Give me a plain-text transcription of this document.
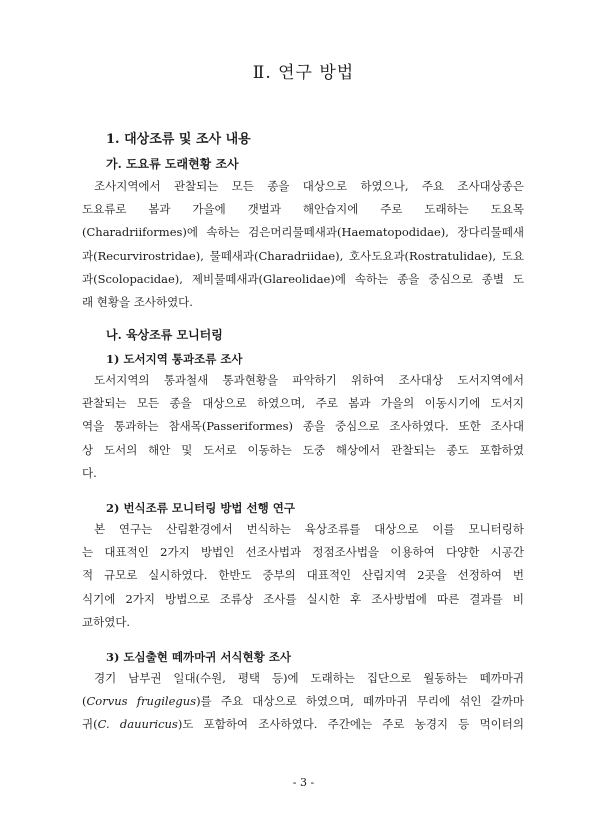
Ⅱ. 연구 방법
1. 대상조류 및 조사 내용
가. 도요류 도래현황 조사
조사지역에서 관찰되는 모든 종을 대상으로 하였으나, 주요 조사대상종은
도요류로 봄과 가을에 갯벌과 해안습지에 주로 도래하는 도요목
(Charadriiformes)에 속하는 검은머리물떼새과(Haematopodidae), 장다리물떼새
과(Recurvirostridae), 물떼새과(Charadriidae), 호사도요과(Rostratulidae), 도요
과(Scolopacidae), 제비물떼새과(Glareolidae)에 속하는 종을 중심으로 종별 도
래 현황을 조사하였다.
나. 육상조류 모니터링
1) 도서지역 통과조류 조사
도서지역의 통과철새 통과현황을 파악하기 위하여 조사대상 도서지역에서
관찰되는 모든 종을 대상으로 하였으며, 주로 봄과 가을의 이동시기에 도서지
역을 통과하는 참새목(Passeriformes) 종을 중심으로 조사하였다. 또한 조사대
상 도서의 해안 및 도서로 이동하는 도중 해상에서 관찰되는 종도 포함하였
다.
2) 번식조류 모니터링 방법 선행 연구
본 연구는 산림환경에서 번식하는 육상조류를 대상으로 이를 모니터링하
는 대표적인 2가지 방법인 선조사법과 정점조사법을 이용하여 다양한 시공간
적 규모로 실시하였다. 한반도 중부의 대표적인 산림지역 2곳을 선정하여 번
식기에 2가지 방법으로 조류상 조사를 실시한 후 조사방법에 따른 결과를 비
교하였다.
3) 도심출현 떼까마귀 서식현황 조사
경기 남부권 일대(수원, 평택 등)에 도래하는 집단으로 월동하는 떼까마귀
(Corvus frugilegus)를 주요 대상으로 하였으며, 떼까마귀 무리에 섞인 갈까마
귀(C. dauuricus)도 포함하여 조사하였다. 주간에는 주로 농경지 등 먹이터의

- 3 -
